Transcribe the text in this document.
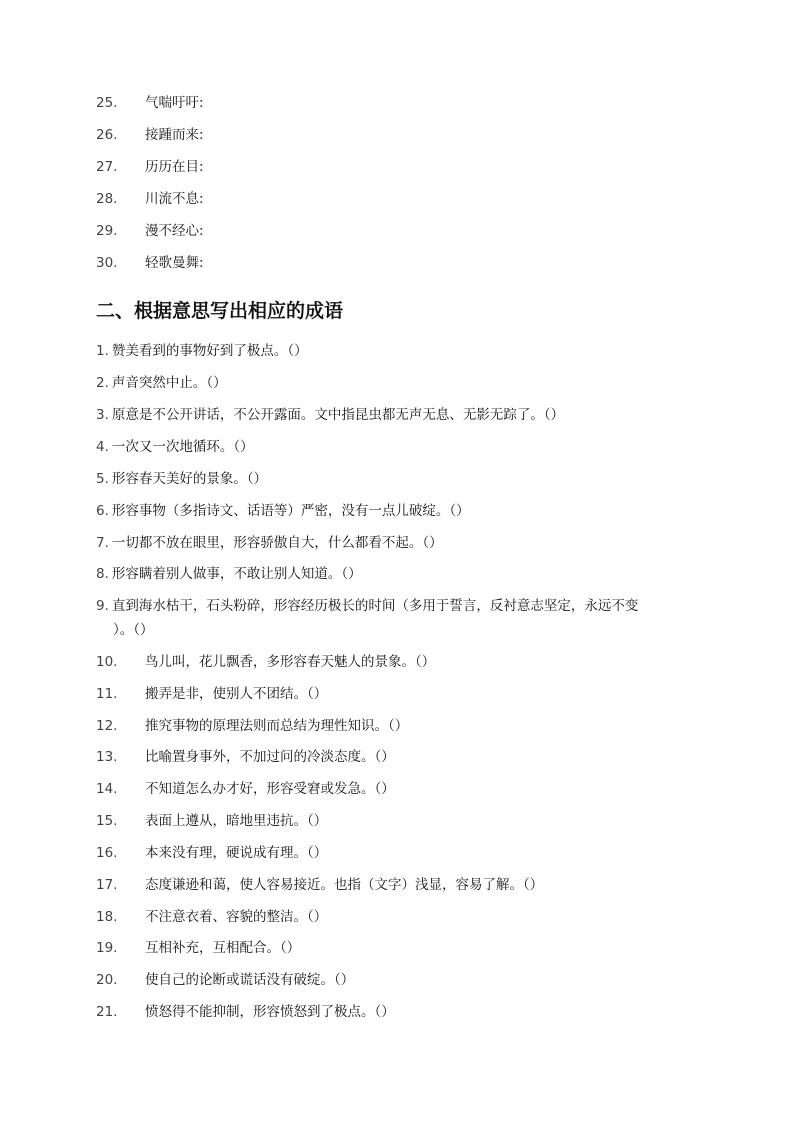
25. 气喘吁吁:
26. 接踵而来:
27. 历历在目:
28. 川流不息:
29. 漫不经心:
30. 轻歌曼舞:
二、根据意思写出相应的成语
1. 赞美看到的事物好到了极点。（）
2. 声音突然中止。（）
3. 原意是不公开讲话，不公开露面。文中指昆虫都无声无息、无影无踪了。（）
4. 一次又一次地循环。（）
5. 形容春天美好的景象。（）
6. 形容事物（多指诗文、话语等）严密，没有一点儿破绽。（）
7. 一切都不放在眼里，形容骄傲自大，什么都看不起。（）
8. 形容瞒着别人做事，不敢让别人知道。（）
9. 直到海水枯干，石头粉碎，形容经历极长的时间（多用于誓言，反衬意志坚定，永远不变
）。（）
10. 鸟儿叫，花儿飘香，多形容春天魅人的景象。（）
11. 搬弄是非，使别人不团结。（）
12. 推究事物的原理法则而总结为理性知识。（）
13. 比喻置身事外，不加过问的冷淡态度。（）
14. 不知道怎么办才好，形容受窘或发急。（）
15. 表面上遵从，暗地里违抗。（）
16. 本来没有理，硬说成有理。（）
17. 态度谦逊和蔼，使人容易接近。也指（文字）浅显，容易了解。（）
18. 不注意衣着、容貌的整洁。（）
19. 互相补充，互相配合。（）
20. 使自己的论断或谎话没有破绽。（）
21. 愤怒得不能抑制，形容愤怒到了极点。（）
